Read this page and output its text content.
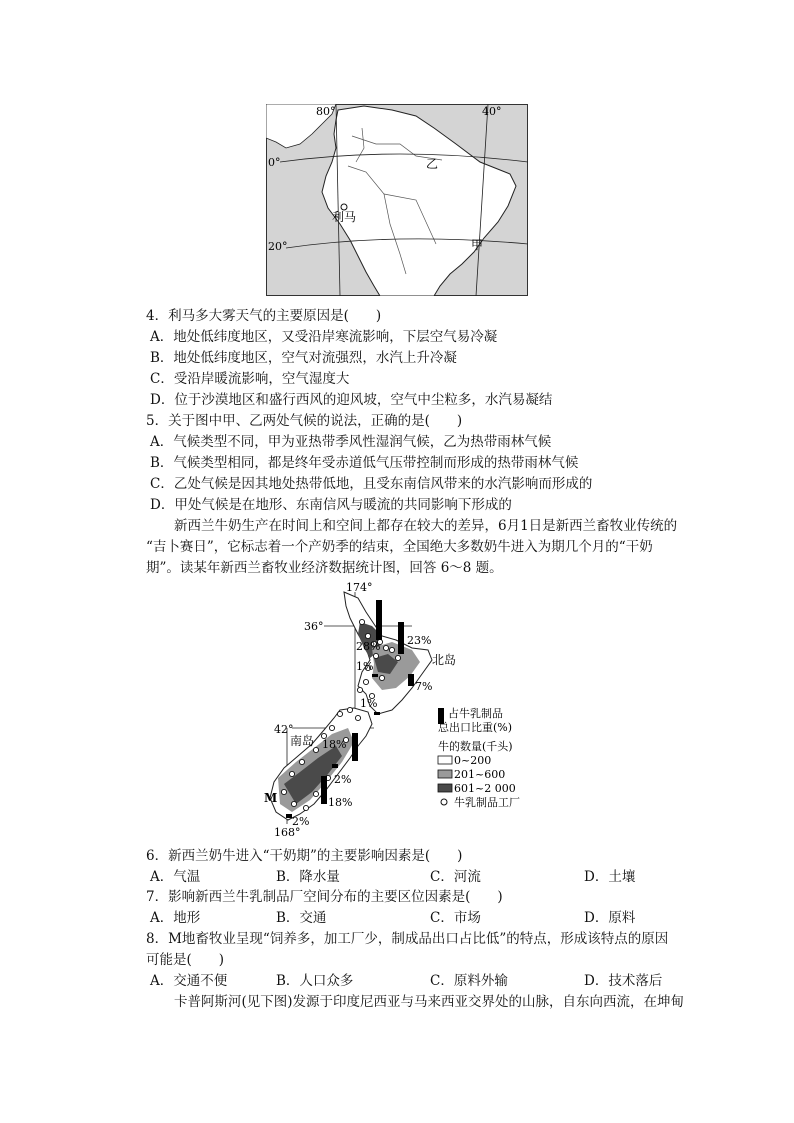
80°	40°
0°
20°
乙
甲
利马
4．利马多大雾天气的主要原因是(　　)
A．地处低纬度地区，又受沿岸寒流影响，下层空气易冷凝
B．地处低纬度地区，空气对流强烈，水汽上升冷凝
C．受沿岸暖流影响，空气湿度大
D．位于沙漠地区和盛行西风的迎风坡，空气中尘粒多，水汽易凝结
5．关于图中甲、乙两处气候的说法，正确的是(　　)
A．气候类型不同，甲为亚热带季风性湿润气候，乙为热带雨林气候
B．气候类型相同，都是终年受赤道低气压带控制而形成的热带雨林气候
C．乙处气候是因其地处热带低地，且受东南信风带来的水汽影响而形成的
D．甲处气候是在地形、东南信风与暖流的共同影响下形成的
新西兰牛奶生产在时间上和空间上都存在较大的差异，6月1日是新西兰畜牧业传统的
“吉卜赛日”，它标志着一个产奶季的结束，全国绝大多数奶牛进入为期几个月的“干奶
期”。读某年新西兰畜牧业经济数据统计图，回答 6～8 题。
174°
36°
42°
168°
北岛
南岛
M
28% 23%
1%
7%
1%
18%
2%
18%
2%
占牛乳制品
总出口比重(%)
牛的数量(千头)
0~200
201~600
601~2 000
牛乳制品工厂
6．新西兰奶牛进入“干奶期”的主要影响因素是(　　)
A．气温	B．降水量	C．河流	D．土壤
7．影响新西兰牛乳制品厂空间分布的主要区位因素是(　　)
A．地形	B．交通	C．市场	D．原料
8．M地畜牧业呈现“饲养多，加工厂少，制成品出口占比低”的特点，形成该特点的原因
可能是(　　)
A．交通不便	B．人口众多	C．原料外输	D．技术落后
卡普阿斯河(见下图)发源于印度尼西亚与马来西亚交界处的山脉，自东向西流，在坤甸
